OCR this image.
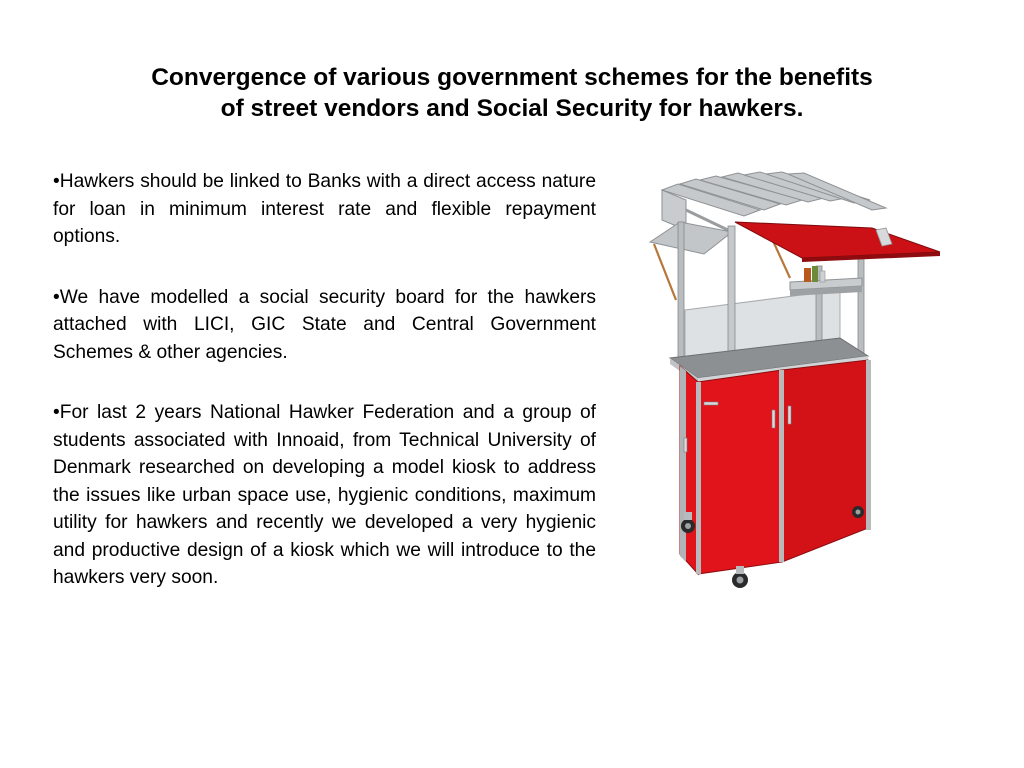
Convergence of various government schemes for the benefits
of street vendors and Social Security for hawkers.
•Hawkers should be linked to Banks with a direct access nature for loan in minimum interest rate and flexible repayment options.
•We have modelled a social security board for the hawkers attached with LICI, GIC State and Central Government Schemes & other agencies.
•For last 2 years National Hawker Federation and a group of students associated with Innoaid, from Technical University of Denmark researched on developing a model kiosk to address the issues like urban space use, hygienic conditions, maximum utility for hawkers and recently we developed a very hygienic and productive design of a kiosk which we will introduce to the hawkers very soon.
